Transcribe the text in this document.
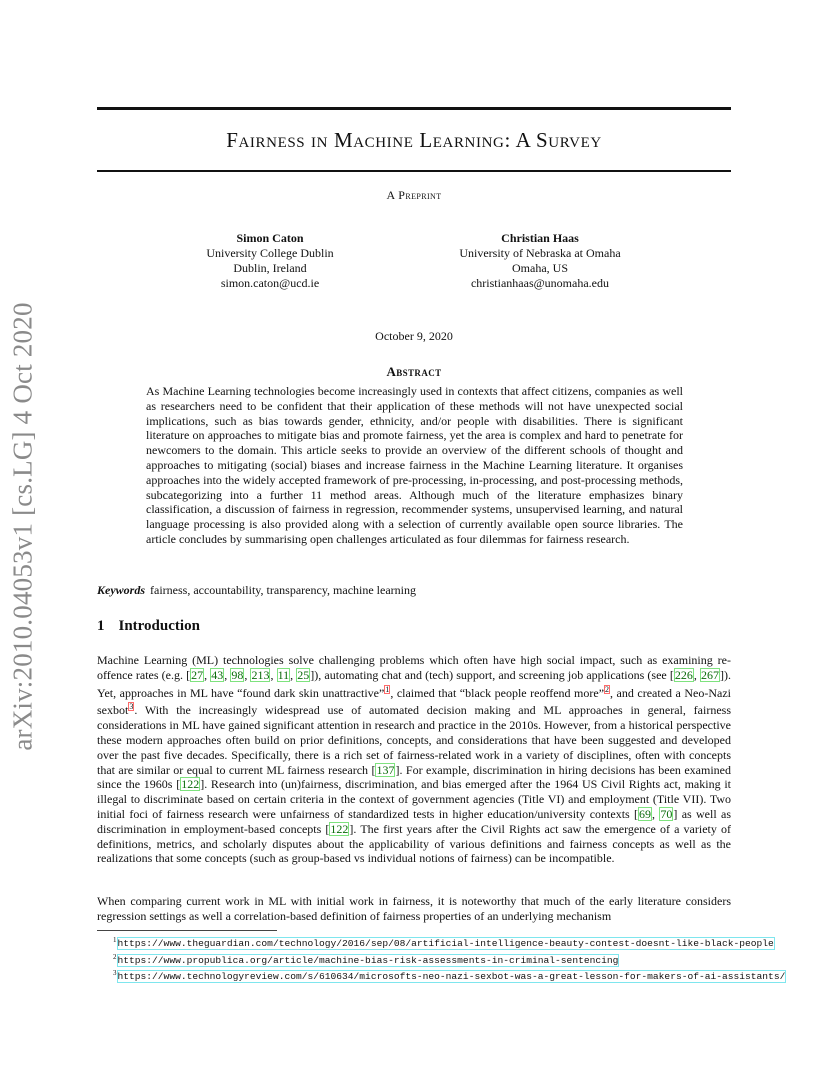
arXiv:2010.04053v1 [cs.LG] 4 Oct 2020
Fairness in Machine Learning: A Survey
A Preprint
Simon Caton
University College Dublin
Dublin, Ireland
simon.caton@ucd.ie
Christian Haas
University of Nebraska at Omaha
Omaha, US
christianhaas@unomaha.edu
October 9, 2020
Abstract
As Machine Learning technologies become increasingly used in contexts that affect citizens, companies as well as researchers need to be confident that their application of these methods will not have unexpected social implications, such as bias towards gender, ethnicity, and/or people with disabilities. There is significant literature on approaches to mitigate bias and promote fairness, yet the area is complex and hard to penetrate for newcomers to the domain. This article seeks to provide an overview of the different schools of thought and approaches to mitigating (social) biases and increase fairness in the Machine Learning literature. It organises approaches into the widely accepted framework of pre-processing, in-processing, and post-processing methods, subcategorizing into a further 11 method areas. Although much of the literature emphasizes binary classification, a discussion of fairness in regression, recommender systems, unsupervised learning, and natural language processing is also provided along with a selection of currently available open source libraries. The article concludes by summarising open challenges articulated as four dilemmas for fairness research.
Keywords fairness, accountability, transparency, machine learning
1 Introduction
Machine Learning (ML) technologies solve challenging problems which often have high social impact, such as examining re-offence rates (e.g. [27, 43, 98, 213, 11, 25]), automating chat and (tech) support, and screening job applications (see [226, 267]). Yet, approaches in ML have “found dark skin unattractive”$^1$, claimed that “black people reoffend more”$^2$, and created a Neo-Nazi sexbot$^3$. With the increasingly widespread use of automated decision making and ML approaches in general, fairness considerations in ML have gained significant attention in research and practice in the 2010s. However, from a historical perspective these modern approaches often build on prior definitions, concepts, and considerations that have been suggested and developed over the past five decades. Specifically, there is a rich set of fairness-related work in a variety of disciplines, often with concepts that are similar or equal to current ML fairness research [137]. For example, discrimination in hiring decisions has been examined since the 1960s [122]. Research into (un)fairness, discrimination, and bias emerged after the 1964 US Civil Rights act, making it illegal to discriminate based on certain criteria in the context of government agencies (Title VI) and employment (Title VII). Two initial foci of fairness research were unfairness of standardized tests in higher education/university contexts [69, 70] as well as discrimination in employment-based concepts [122]. The first years after the Civil Rights act saw the emergence of a variety of definitions, metrics, and scholarly disputes about the applicability of various definitions and fairness concepts as well as the realizations that some concepts (such as group-based vs individual notions of fairness) can be incompatible.
When comparing current work in ML with initial work in fairness, it is noteworthy that much of the early literature considers regression settings as well a correlation-based definition of fairness properties of an underlying mechanism
$^1$https://www.theguardian.com/technology/2016/sep/08/artificial-intelligence-beauty-contest-doesnt-like-black-people
$^2$https://www.propublica.org/article/machine-bias-risk-assessments-in-criminal-sentencing
$^3$https://www.technologyreview.com/s/610634/microsofts-neo-nazi-sexbot-was-a-great-lesson-for-makers-of-ai-assistants/
